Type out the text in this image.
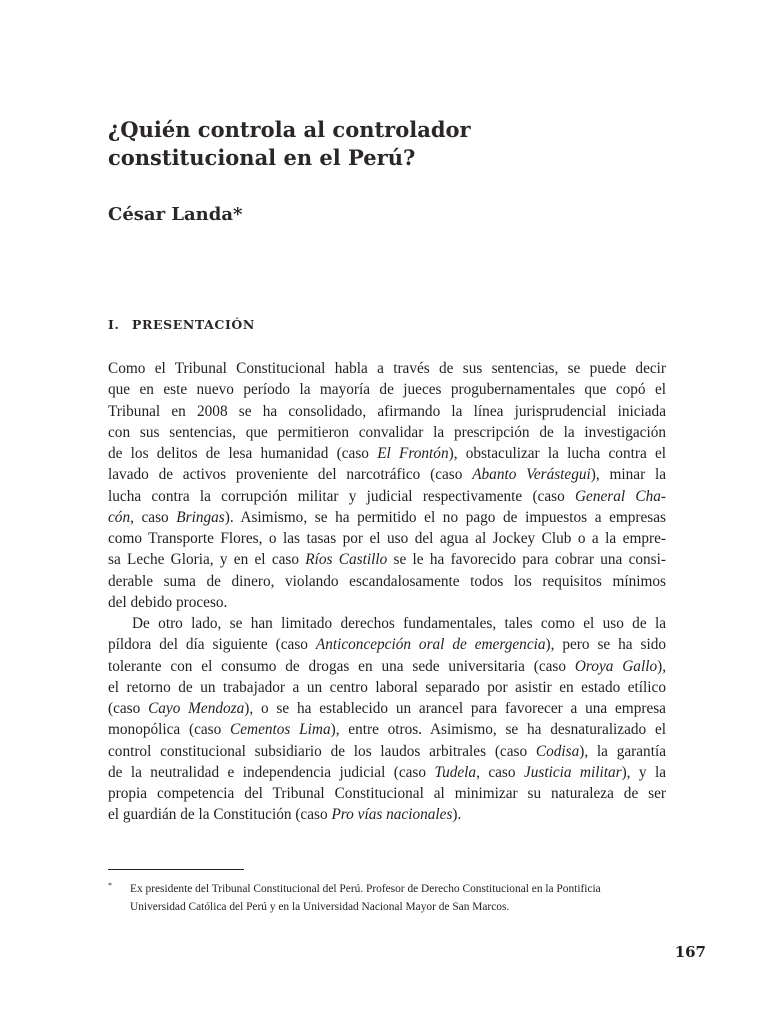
¿Quién controla al controlador
constitucional en el Perú?
César Landa*
I. PRESENTACIÓN
Como el Tribunal Constitucional habla a través de sus sentencias, se puede decir
que en este nuevo período la mayoría de jueces progubernamentales que copó el
Tribunal en 2008 se ha consolidado, afirmando la línea jurisprudencial iniciada
con sus sentencias, que permitieron convalidar la prescripción de la investigación
de los delitos de lesa humanidad (caso El Frontón), obstaculizar la lucha contra el
lavado de activos proveniente del narcotráfico (caso Abanto Verástegui), minar la
lucha contra la corrupción militar y judicial respectivamente (caso General Cha-
cón, caso Bringas). Asimismo, se ha permitido el no pago de impuestos a empresas
como Transporte Flores, o las tasas por el uso del agua al Jockey Club o a la empre-
sa Leche Gloria, y en el caso Ríos Castillo se le ha favorecido para cobrar una consi-
derable suma de dinero, violando escandalosamente todos los requisitos mínimos
del debido proceso.
De otro lado, se han limitado derechos fundamentales, tales como el uso de la
píldora del día siguiente (caso Anticoncepción oral de emergencia), pero se ha sido
tolerante con el consumo de drogas en una sede universitaria (caso Oroya Gallo),
el retorno de un trabajador a un centro laboral separado por asistir en estado etílico
(caso Cayo Mendoza), o se ha establecido un arancel para favorecer a una empresa
monopólica (caso Cementos Lima), entre otros. Asimismo, se ha desnaturalizado el
control constitucional subsidiario de los laudos arbitrales (caso Codisa), la garantía
de la neutralidad e independencia judicial (caso Tudela, caso Justicia militar), y la
propia competencia del Tribunal Constitucional al minimizar su naturaleza de ser
el guardián de la Constitución (caso Pro vías nacionales).
* Ex presidente del Tribunal Constitucional del Perú. Profesor de Derecho Constitucional en la Pontificia
Universidad Católica del Perú y en la Universidad Nacional Mayor de San Marcos.
167
